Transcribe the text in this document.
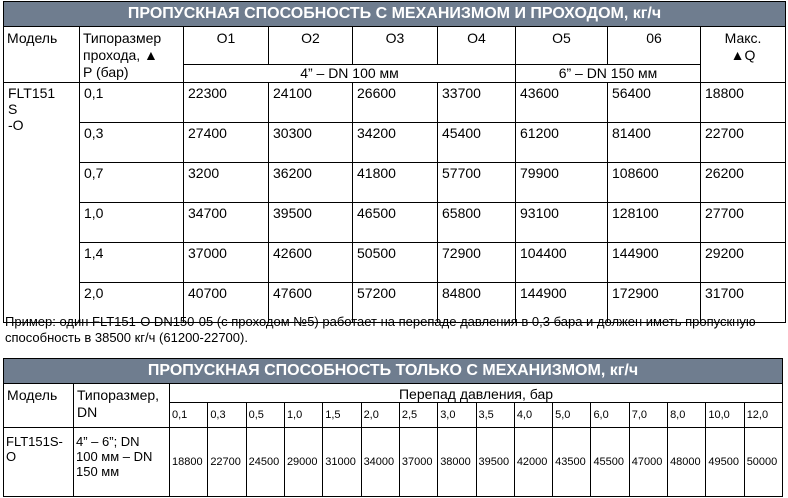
ПРОПУСКНАЯ СПОСОБНОСТЬ С МЕХАНИЗМОМ И ПРОХОДОМ, кг/ч								
Модель	Типоразмер
прохода, ▲
P (бар)	O1	O2	O3	O4	O5	06	Макс.
▲Q
		4” – DN 100 мм				6” – DN 150 мм		
FLT151
S
-O	0,1	22300	24100	26600	33700	43600	56400	18800
	0,3	27400	30300	34200	45400	61200	81400	22700
	0,7	3200	36200	41800	57700	79900	108600	26200
	1,0	34700	39500	46500	65800	93100	128100	27700
	1,4	37000	42600	50500	72900	104400	144900	29200
	2,0	40700	47600	57200	84800	144900	172900	31700

Пример: один FLT151-O DN150-05 (с проходом №5) работает на перепаде давления в 0,3 бара и должен иметь пропускную
способность в 38500 кг/ч (61200-22700).

ПРОПУСКНАЯ СПОСОБНОСТЬ ТОЛЬКО С МЕХАНИЗМОМ, кг/ч																	
Модель	Типоразмер,
DN	Перепад давления, бар															
		0,1	0,3	0,5	1,0	1,5	2,0	2,5	3,0	3,5	4,0	5,0	6,0	7,0	8,0	10,0	12,0
FLT151S-
O	4” – 6”; DN
100 мм – DN
150 мм	18800	22700	24500	29000	31000	34000	37000	38000	39500	42000	43500	45500	47000	48000	49500	50000
